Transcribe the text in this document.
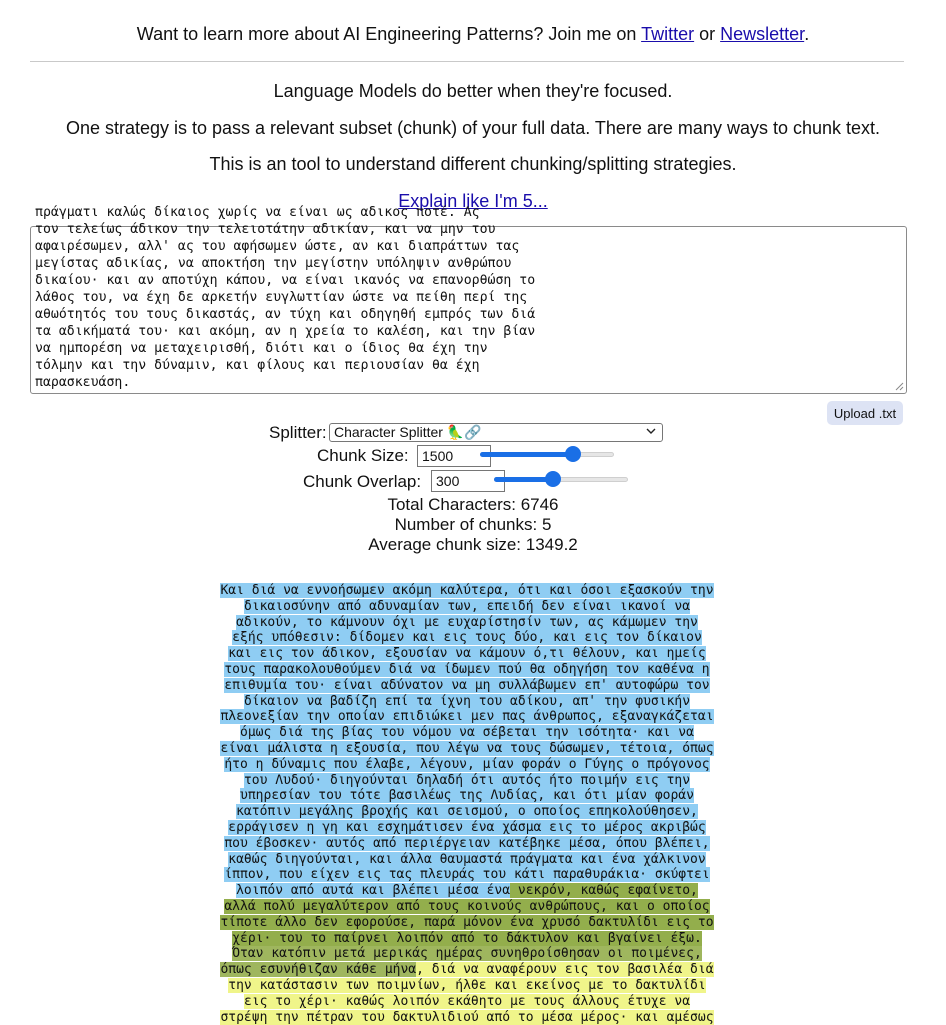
Want to learn more about AI Engineering Patterns? Join me on Twitter or Newsletter.
Language Models do better when they're focused.
One strategy is to pass a relevant subset (chunk) of your full data. There are many ways to chunk text.
This is an tool to understand different chunking/splitting strategies.
Explain like I'm 5...
πράγματι καλώς δίκαιος χωρίς να είναι ως αδικος ποτέ. Ας
τον τελείως άδικον την τελειοτάτην αδικίαν, και να μην του
αφαιρέσωμεν, αλλ' ας του αφήσωμεν ώστε, αν και διαπράττων τας
μεγίστας αδικίας, να αποκτήση την μεγίστην υπόληψιν ανθρώπου
δικαίου· και αν αποτύχη κάπου, να είναι ικανός να επανορθώση το
λάθος του, να έχη δε αρκετήν ευγλωττίαν ώστε να πείθη περί της
αθωότητός του τους δικαστάς, αν τύχη και οδηγηθή εμπρός των διά
τα αδικήματά του· και ακόμη, αν η χρεία το καλέση, και την βίαν
να ημπορέση να μεταχειρισθή, διότι και ο ίδιος θα έχη την
τόλμην και την δύναμιν, και φίλους και περιουσίαν θα έχη
παρασκευάση.
Upload .txt
Splitter: Character Splitter 🦜🔗
Chunk Size: 1500
Chunk Overlap:	300
Total Characters: 6746
Number of chunks: 5
Average chunk size: 1349.2
Και διά να εννοήσωμεν ακόμη καλύτερα, ότι και όσοι εξασκούν την
δικαιοσύνην από αδυναμίαν των, επειδή δεν είναι ικανοί να
αδικούν, το κάμνουν όχι με ευχαρίστησίν των, ας κάμωμεν την
εξής υπόθεσιν: δίδομεν και εις τους δύο, και εις τον δίκαιον
και εις τον άδικον, εξουσίαν να κάμουν ό,τι θέλουν, και ημείς
τους παρακολουθούμεν διά να ίδωμεν πού θα οδηγήση τον καθένα η
επιθυμία του· είναι αδύνατον να μη συλλάβωμεν επ' αυτοφώρω τον
δίκαιον να βαδίζη επί τα ίχνη του αδίκου, απ' την φυσικήν
πλεονεξίαν την οποίαν επιδιώκει μεν πας άνθρωπος, εξαναγκάζεται
όμως διά της βίας του νόμου να σέβεται την ισότητα· και να
είναι μάλιστα η εξουσία, που λέγω να τους δώσωμεν, τέτοια, όπως
ήτο η δύναμις που έλαβε, λέγουν, μίαν φοράν ο Γύγης ο πρόγονος
του Λυδού· διηγούνται δηλαδή ότι αυτός ήτο ποιμήν εις την
υπηρεσίαν του τότε βασιλέως της Λυδίας, και ότι μίαν φοράν
κατόπιν μεγάλης βροχής και σεισμού, ο οποίος επηκολούθησεν,
ερράγισεν η γη και εσχημάτισεν ένα χάσμα εις το μέρος ακριβώς
που έβοσκεν· αυτός από περιέργειαν κατέβηκε μέσα, όπου βλέπει,
καθώς διηγούνται, και άλλα θαυμαστά πράγματα και ένα χάλκινον
ίππον, που είχεν εις τας πλευράς του κάτι παραθυράκια· σκύφτει
λοιπόν από αυτά και βλέπει μέσα ένα νεκρόν, καθώς εφαίνετο,
αλλά πολύ μεγαλύτερον από τους κοινούς ανθρώπους, και ο οποίος
τίποτε άλλο δεν εφορούσε, παρά μόνον ένα χρυσό δακτυλίδι εις το
χέρι· του το παίρνει λοιπόν από το δάκτυλον και βγαίνει έξω.
Όταν κατόπιν μετά μερικάς ημέρας συνηθροίσθησαν οι ποιμένες,
όπως εσυνήθιζαν κάθε μήνα, διά να αναφέρουν εις τον βασιλέα διά
την κατάστασιν των ποιμνίων, ήλθε και εκείνος με το δακτυλίδι
εις το χέρι· καθώς λοιπόν εκάθητο με τους άλλους έτυχε να
στρέψη την πέτραν του δακτυλιδιού από το μέσα μέρος· και αμέσως
